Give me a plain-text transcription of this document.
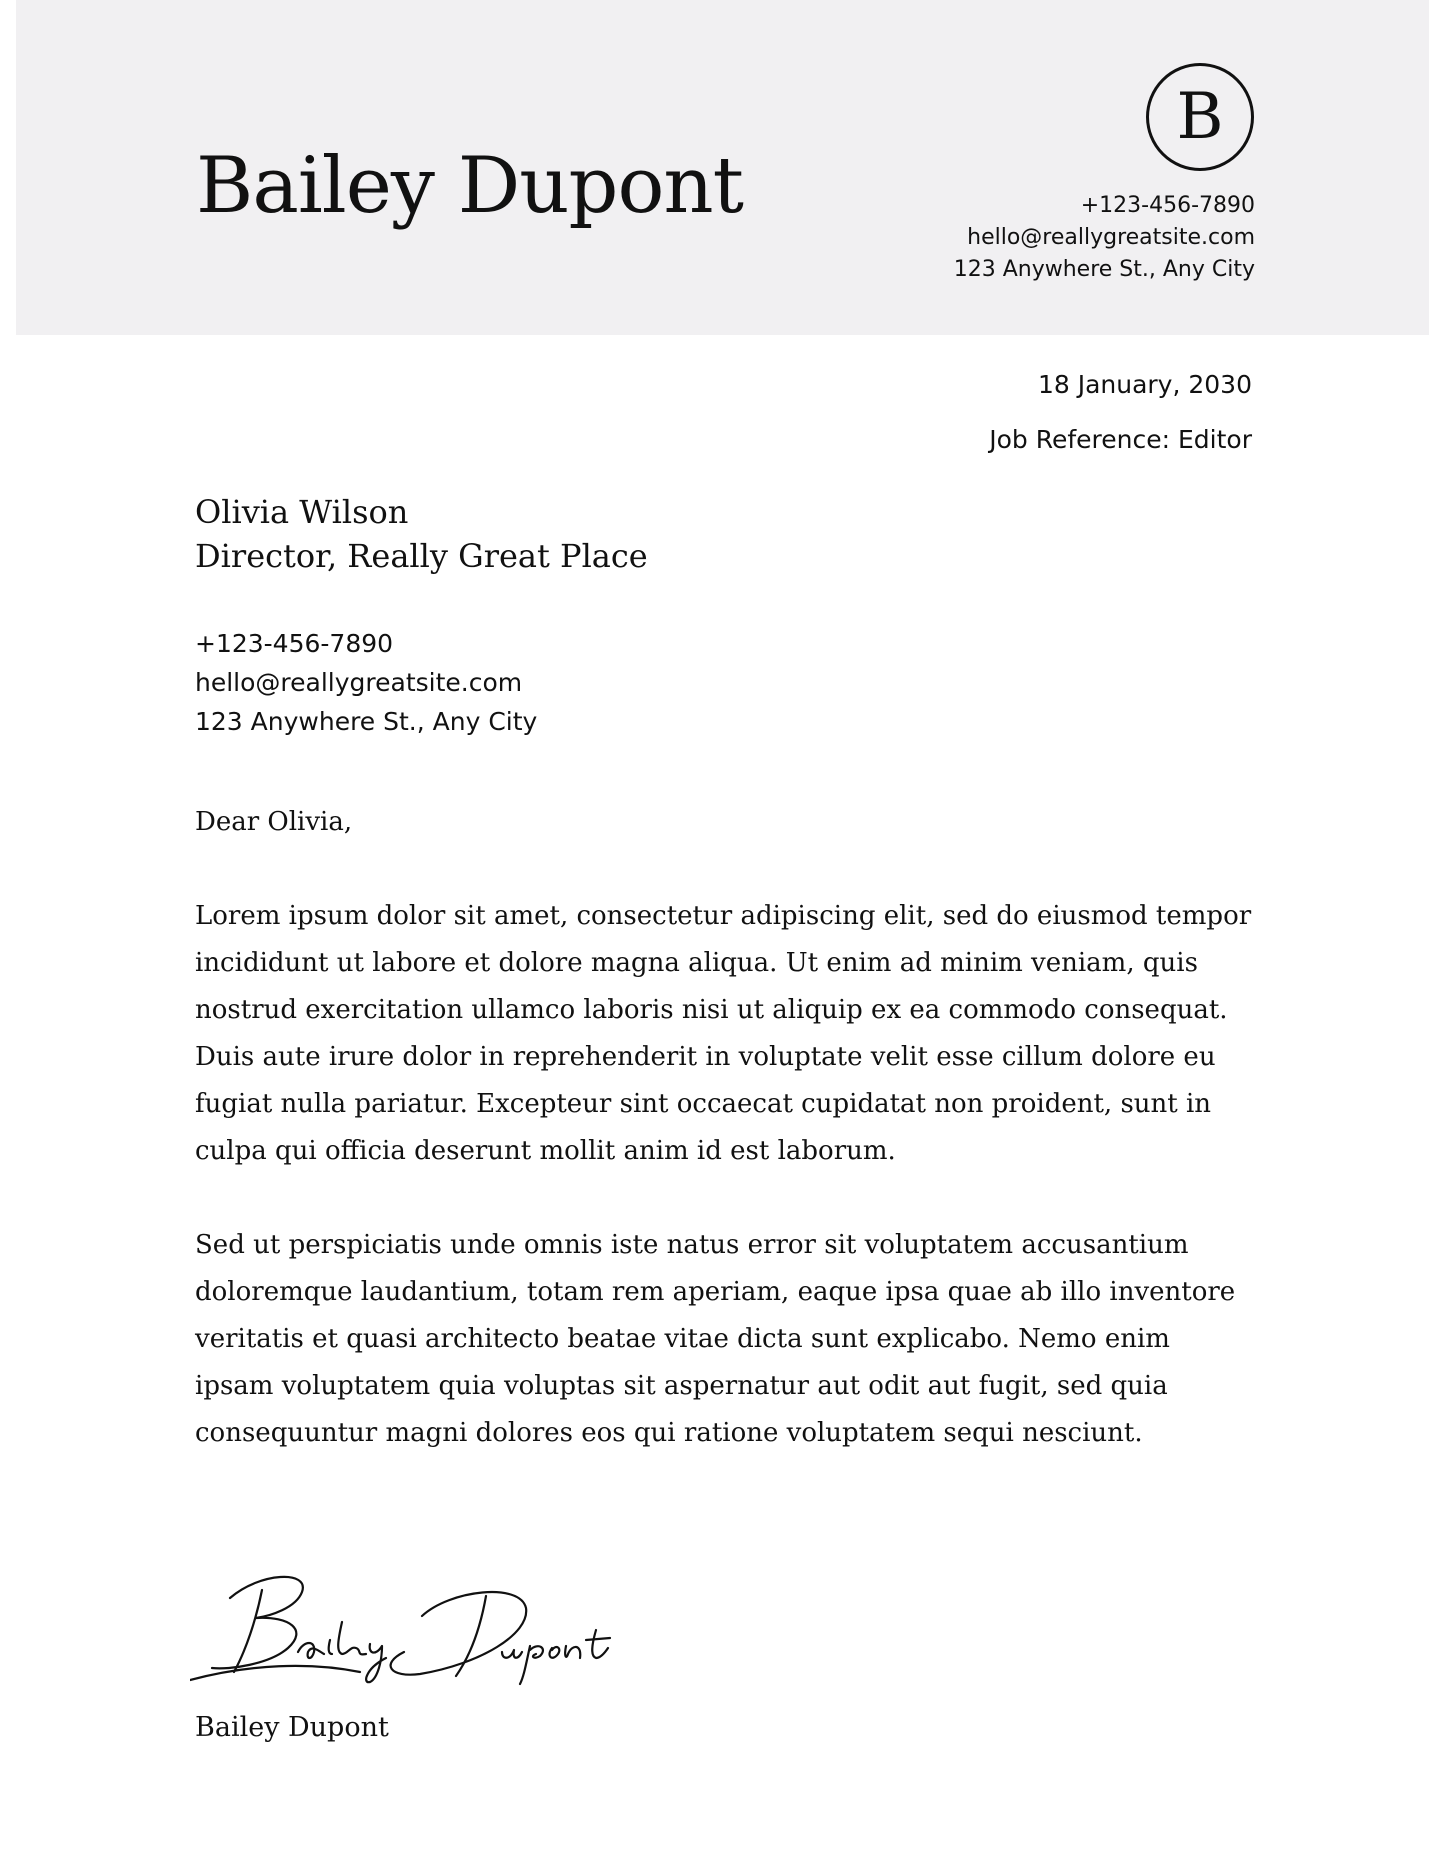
Bailey Dupont
B
+123-456-7890
hello@reallygreatsite.com
123 Anywhere St., Any City
18 January, 2030
Job Reference: Editor
Olivia Wilson
Director, Really Great Place
+123-456-7890
hello@reallygreatsite.com
123 Anywhere St., Any City
Dear Olivia,

Lorem ipsum dolor sit amet, consectetur adipiscing elit, sed do eiusmod tempor incididunt ut labore et dolore magna aliqua. Ut enim ad minim veniam, quis nostrud exercitation ullamco laboris nisi ut aliquip ex ea commodo consequat. Duis aute irure dolor in reprehenderit in voluptate velit esse cillum dolore eu fugiat nulla pariatur. Excepteur sint occaecat cupidatat non proident, sunt in culpa qui officia deserunt mollit anim id est laborum.

Sed ut perspiciatis unde omnis iste natus error sit voluptatem accusantium doloremque laudantium, totam rem aperiam, eaque ipsa quae ab illo inventore veritatis et quasi architecto beatae vitae dicta sunt explicabo. Nemo enim ipsam voluptatem quia voluptas sit aspernatur aut odit aut fugit, sed quia consequuntur magni dolores eos qui ratione voluptatem sequi nesciunt.

Bailey Dupont
